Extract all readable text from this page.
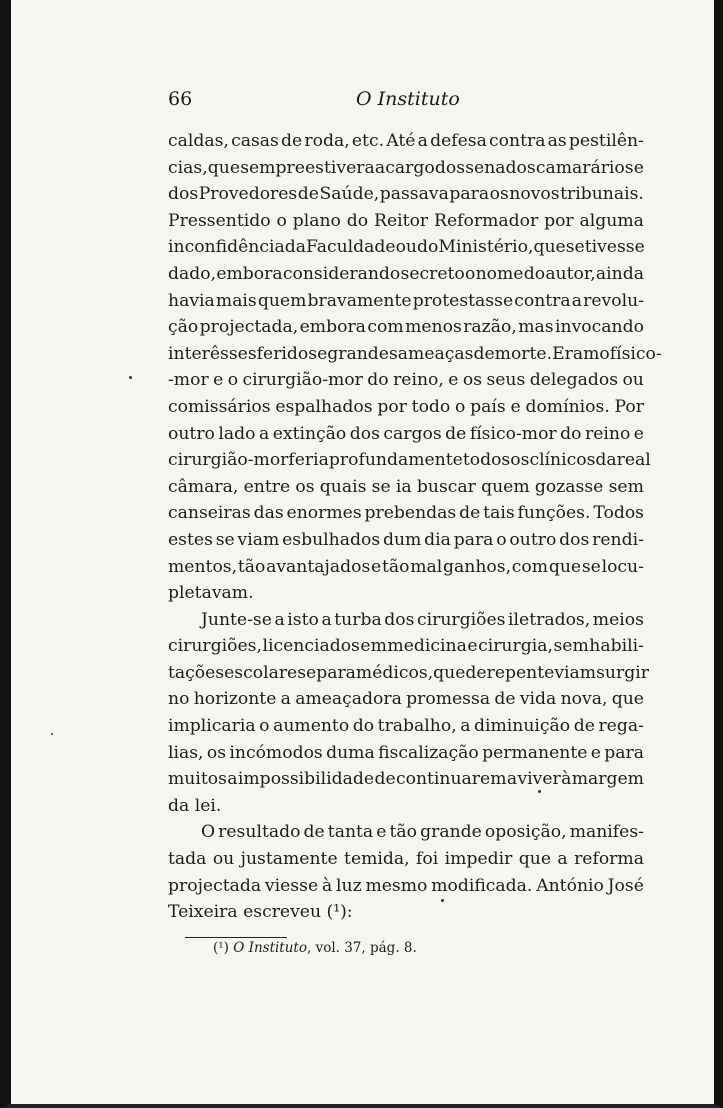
66	O Instituto
caldas, casas de roda, etc. Até a defesa contra as pestilên-
cias, que sempre estivera a cargo dos senados camarários e
dos Provedores de Saúde, passava para os novos tribunais.
Pressentido o plano do Reitor Reformador por alguma
inconfidência da Faculdade ou do Ministério, que se tivesse
dado, embora considerando secreto o nome do autor, ainda
havia mais quem bravamente protestasse contra a revolu-
ção projectada, embora com menos razão, mas invocando
interêsses feridos e grandes ameaças de morte. Eram o físico-
-mor e o cirurgião-mor do reino, e os seus delegados ou
comissários espalhados por todo o país e domínios. Por
outro lado a extinção dos cargos de físico-mor do reino e
cirurgião-mor feria profundamente todos os clínicos da real
câmara, entre os quais se ia buscar quem gozasse sem
canseiras das enormes prebendas de tais funções. Todos
estes se viam esbulhados dum dia para o outro dos rendi-
mentos, tão avantajados e tão mal ganhos, com que se locu-
pletavam.
Junte-se a isto a turba dos cirurgiões iletrados, meios
cirurgiões, licenciados em medicina e cirurgia, sem habili-
tações escolares e paramédicos, que de repente viam surgir
no horizonte a ameaçadora promessa de vida nova, que
implicaria o aumento do trabalho, a diminuição de rega-
lias, os incómodos duma fiscalização permanente e para
muitos a impossibilidade de continuarem a viver à margem
da lei.
O resultado de tanta e tão grande oposição, manifes-
tada ou justamente temida, foi impedir que a reforma
projectada viesse à luz mesmo modificada. António José
Teixeira escreveu (¹):
(¹) O Instituto, vol. 37, pág. 8.
